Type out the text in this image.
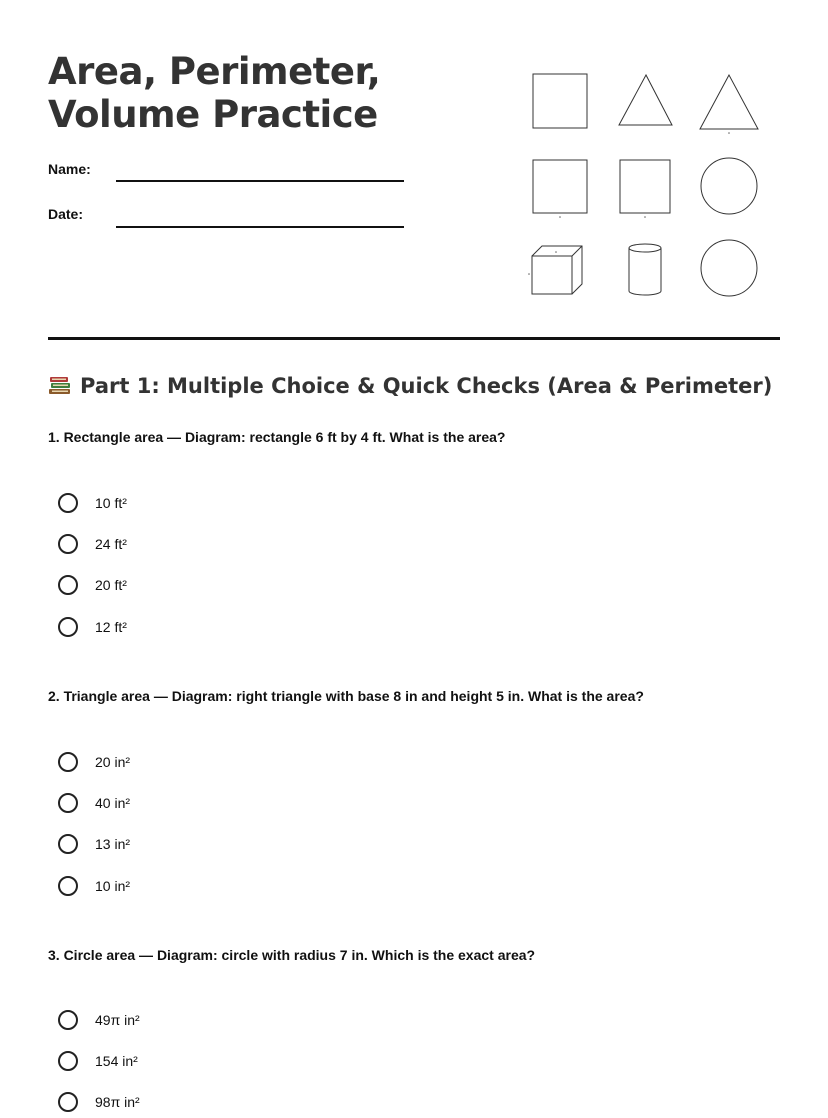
Area, Perimeter, Volume Practice
Name:
Date:
Part 1: Multiple Choice & Quick Checks (Area & Perimeter)
1. Rectangle area — Diagram: rectangle 6 ft by 4 ft. What is the area?
10 ft²
24 ft²
20 ft²
12 ft²
2. Triangle area — Diagram: right triangle with base 8 in and height 5 in. What is the area?
20 in²
40 in²
13 in²
10 in²
3. Circle area — Diagram: circle with radius 7 in. Which is the exact area?
49π in²
154 in²
98π in²
